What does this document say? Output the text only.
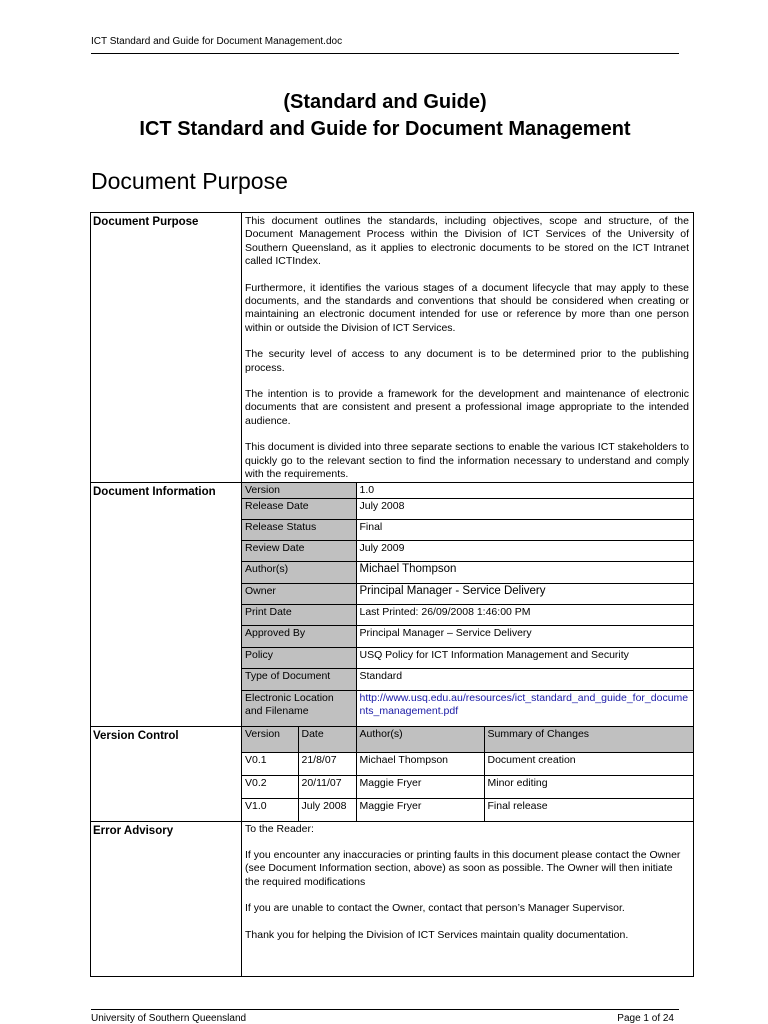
ICT Standard and Guide for Document Management.doc
(Standard and Guide)
ICT Standard and Guide for Document Management
Document Purpose
Document Purpose	This document outlines the standards, including objectives, scope and structure, of the Document Management Process within the Division of ICT Services of the University of Southern Queensland, as it applies to electronic documents to be stored on the ICT Intranet called ICTIndex.

Furthermore, it identifies the various stages of a document lifecycle that may apply to these documents, and the standards and conventions that should be considered when creating or maintaining an electronic document intended for use or reference by more than one person within or outside the Division of ICT Services.

The security level of access to any document is to be determined prior to the publishing process.

The intention is to provide a framework for the development and maintenance of electronic documents that are consistent and present a professional image appropriate to the intended audience.

This document is divided into three separate sections to enable the various ICT stakeholders to quickly go to the relevant section to find the information necessary to understand and comply with the requirements.

Document Information		Version	1.0
Release Date	July 2008
Release Status	Final
Review Date	July 2009
Author(s)	Michael Thompson
Owner	Principal Manager - Service Delivery
Print Date	Last Printed: 26/09/2008 1:46:00 PM
Approved By	Principal Manager – Service Delivery
Policy	USQ Policy for ICT Information Management and Security
Type of Document	Standard
Electronic Location and Filename	http://www.usq.edu.au/resources/ict_standard_and_guide_for_documents_management.pdf

Version Control		Version	Date	Author(s)	Summary of Changes
V0.1	21/8/07	Michael Thompson	Document creation
V0.2	20/11/07	Maggie Fryer	Minor editing
V1.0	July 2008	Maggie Fryer	Final release

Error Advisory	To the Reader:

If you encounter any inaccuracies or printing faults in this document please contact the Owner (see Document Information section, above) as soon as possible. The Owner will then initiate the required modifications

If you are unable to contact the Owner, contact that person’s Manager Supervisor.

Thank you for helping the Division of ICT Services maintain quality documentation.

University of Southern Queensland	Page 1 of 24
